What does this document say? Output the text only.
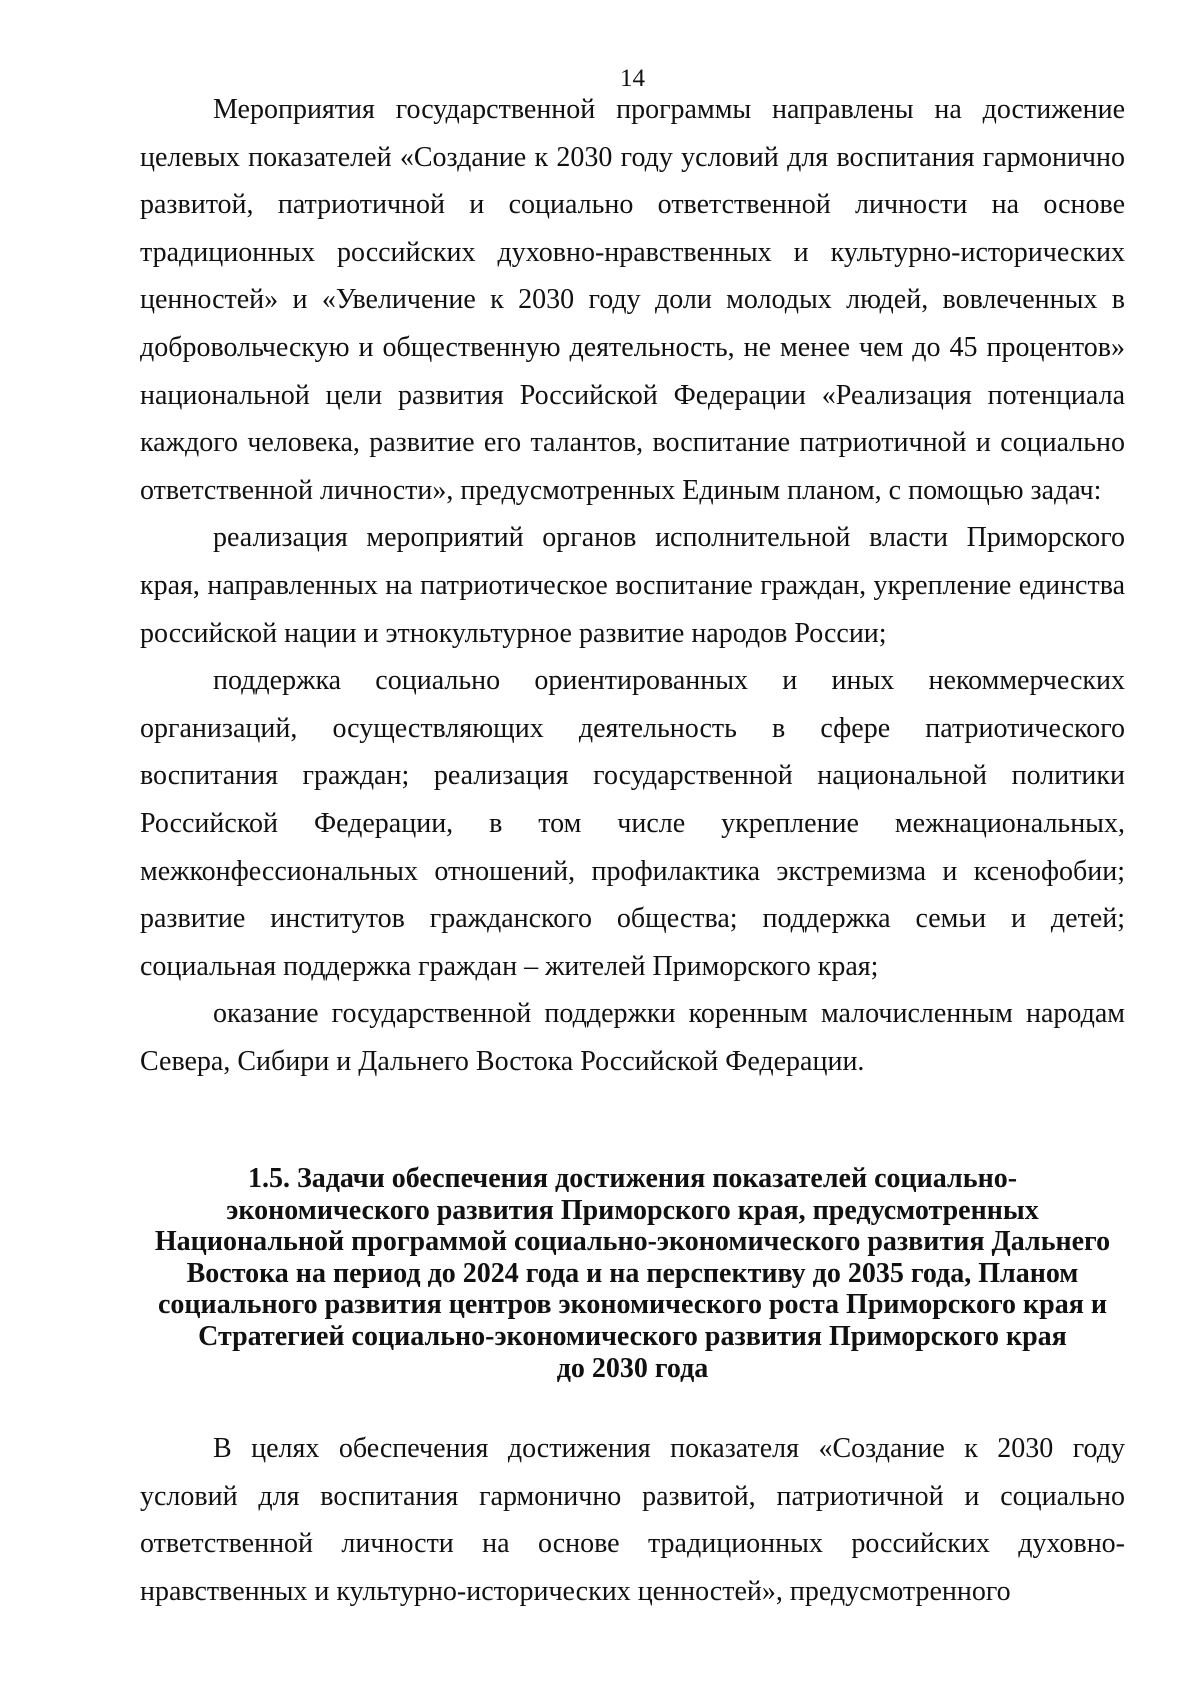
14

Мероприятия государственной программы направлены на достижение целевых показателей «Создание к 2030 году условий для воспитания гармонично развитой, патриотичной и социально ответственной личности на основе традиционных российских духовно-нравственных и культурно-исторических ценностей» и «Увеличение к 2030 году доли молодых людей, вовлеченных в добровольческую и общественную деятельность, не менее чем до 45 процентов» национальной цели развития Российской Федерации «Реализация потенциала каждого человека, развитие его талантов, воспитание патриотичной и социально ответственной личности», предусмотренных Единым планом, с помощью задач:

реализация мероприятий органов исполнительной власти Приморского края, направленных на патриотическое воспитание граждан, укрепление единства российской нации и этнокультурное развитие народов России;

поддержка социально ориентированных и иных некоммерческих организаций, осуществляющих деятельность в сфере патриотического воспитания граждан; реализация государственной национальной политики Российской Федерации, в том числе укрепление межнациональных, межконфессиональных отношений, профилактика экстремизма и ксенофобии; развитие институтов гражданского общества; поддержка семьи и детей; социальная поддержка граждан – жителей Приморского края;

оказание государственной поддержки коренным малочисленным народам Севера, Сибири и Дальнего Востока Российской Федерации.

1.5. Задачи обеспечения достижения показателей социально-
экономического развития Приморского края, предусмотренных
Национальной программой социально-экономического развития Дальнего
Востока на период до 2024 года и на перспективу до 2035 года, Планом
социального развития центров экономического роста Приморского края и
Стратегией социально-экономического развития Приморского края
до 2030 года

В целях обеспечения достижения показателя «Создание к 2030 году условий для воспитания гармонично развитой, патриотичной и социально ответственной личности на основе традиционных российских духовно-нравственных и культурно-исторических ценностей», предусмотренного
